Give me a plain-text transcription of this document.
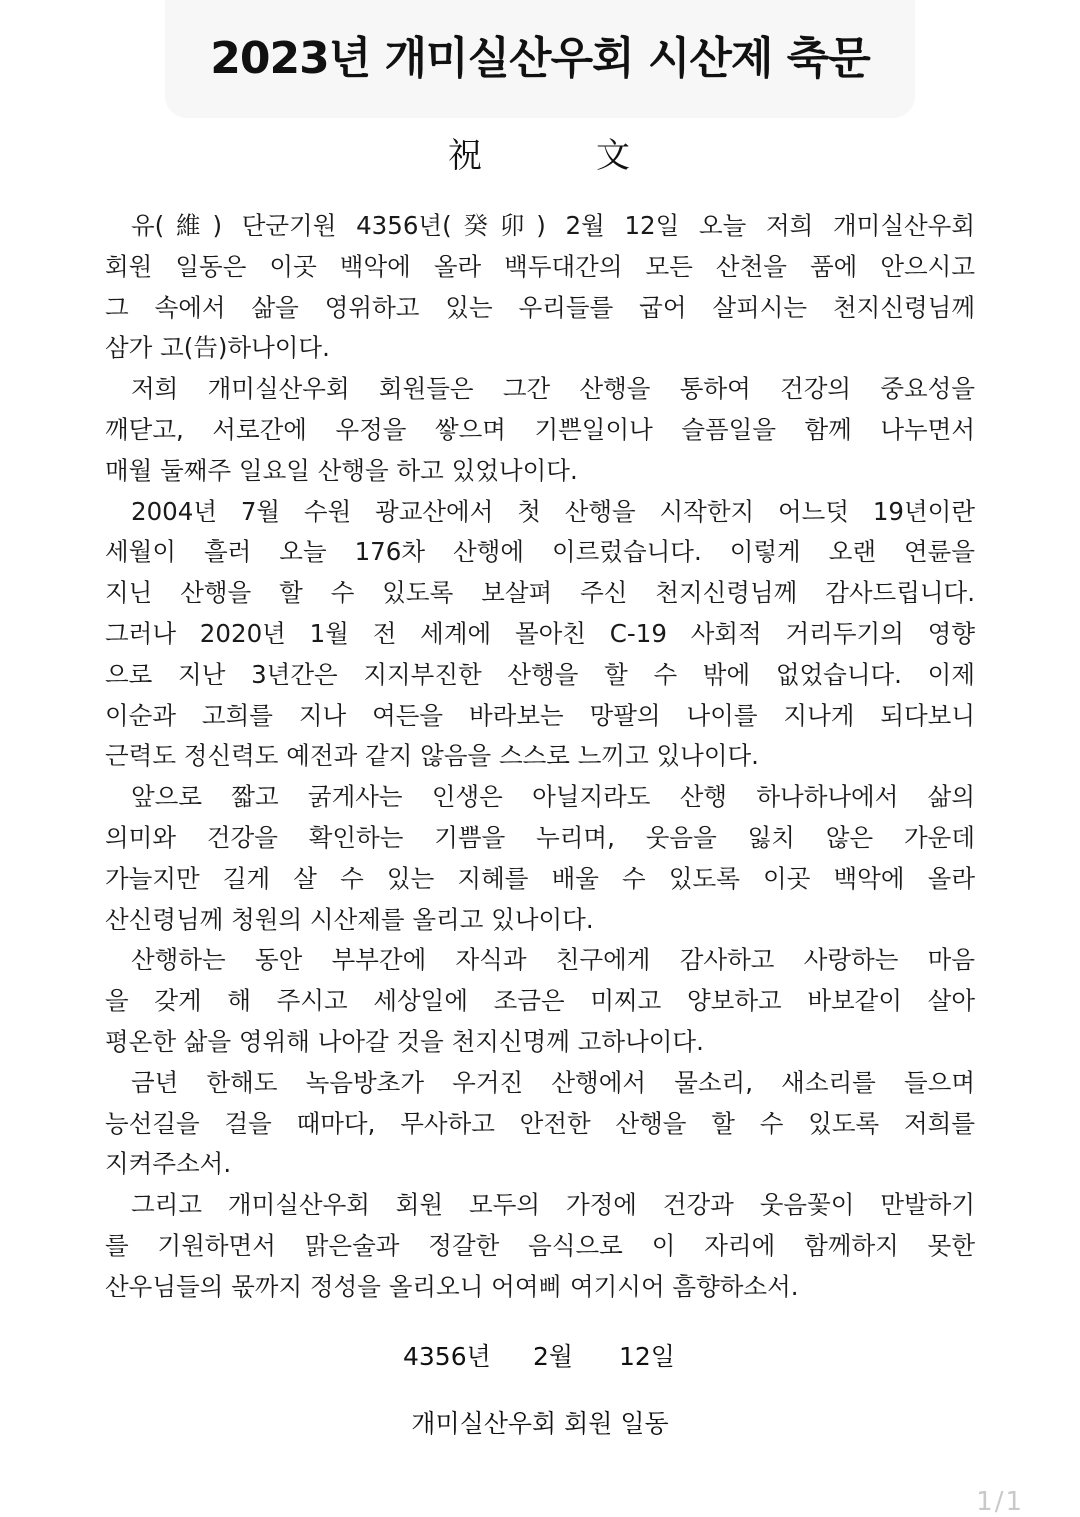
2023년 개미실산우회 시산제 축문
祝	文
유(維) 단군기원 4356년(癸卯) 2월 12일 오늘 저희 개미실산우회
회원 일동은 이곳 백악에 올라 백두대간의 모든 산천을 품에 안으시고
그 속에서 삶을 영위하고 있는 우리들를 굽어 살피시는 천지신령님께
삼가 고(告)하나이다.
저희 개미실산우회 회원들은 그간 산행을 통하여 건강의 중요성을
깨닫고, 서로간에 우정을 쌓으며 기쁜일이나 슬픔일을 함께 나누면서
매월 둘째주 일요일 산행을 하고 있었나이다.
2004년 7월 수원 광교산에서 첫 산행을 시작한지 어느덧 19년이란
세월이 흘러 오늘 176차 산행에 이르렀습니다. 이렇게 오랜 연륜을
지닌 산행을 할 수 있도록 보살펴 주신 천지신령님께 감사드립니다.
그러나 2020년 1월 전 세계에 몰아친 C-19 사회적 거리두기의 영향
으로 지난 3년간은 지지부진한 산행을 할 수 밖에 없었습니다. 이제
이순과 고희를 지나 여든을 바라보는 망팔의 나이를 지나게 되다보니
근력도 정신력도 예전과 같지 않음을 스스로 느끼고 있나이다.
앞으로 짧고 굵게사는 인생은 아닐지라도 산행 하나하나에서 삶의
의미와 건강을 확인하는 기쁨을 누리며, 웃음을 잃치 않은 가운데
가늘지만 길게 살 수 있는 지혜를 배울 수 있도록 이곳 백악에 올라
산신령님께 청원의 시산제를 올리고 있나이다.
산행하는 동안 부부간에 자식과 친구에게 감사하고 사랑하는 마음
을 갖게 해 주시고 세상일에 조금은 미찌고 양보하고 바보같이 살아
평온한 삶을 영위해 나아갈 것을 천지신명께 고하나이다.
금년 한해도 녹음방초가 우거진 산행에서 물소리, 새소리를 들으며
능선길을 걸을 때마다, 무사하고 안전한 산행을 할 수 있도록 저희를
지켜주소서.
그리고 개미실산우회 회원 모두의 가정에 건강과 웃음꽃이 만발하기
를 기원하면서 맑은술과 정갈한 음식으로 이 자리에 함께하지 못한
산우님들의 몫까지 정성을 올리오니 어여삐 여기시어 흠향하소서.
4356년 2월 12일
개미실산우회 회원 일동
1/1
